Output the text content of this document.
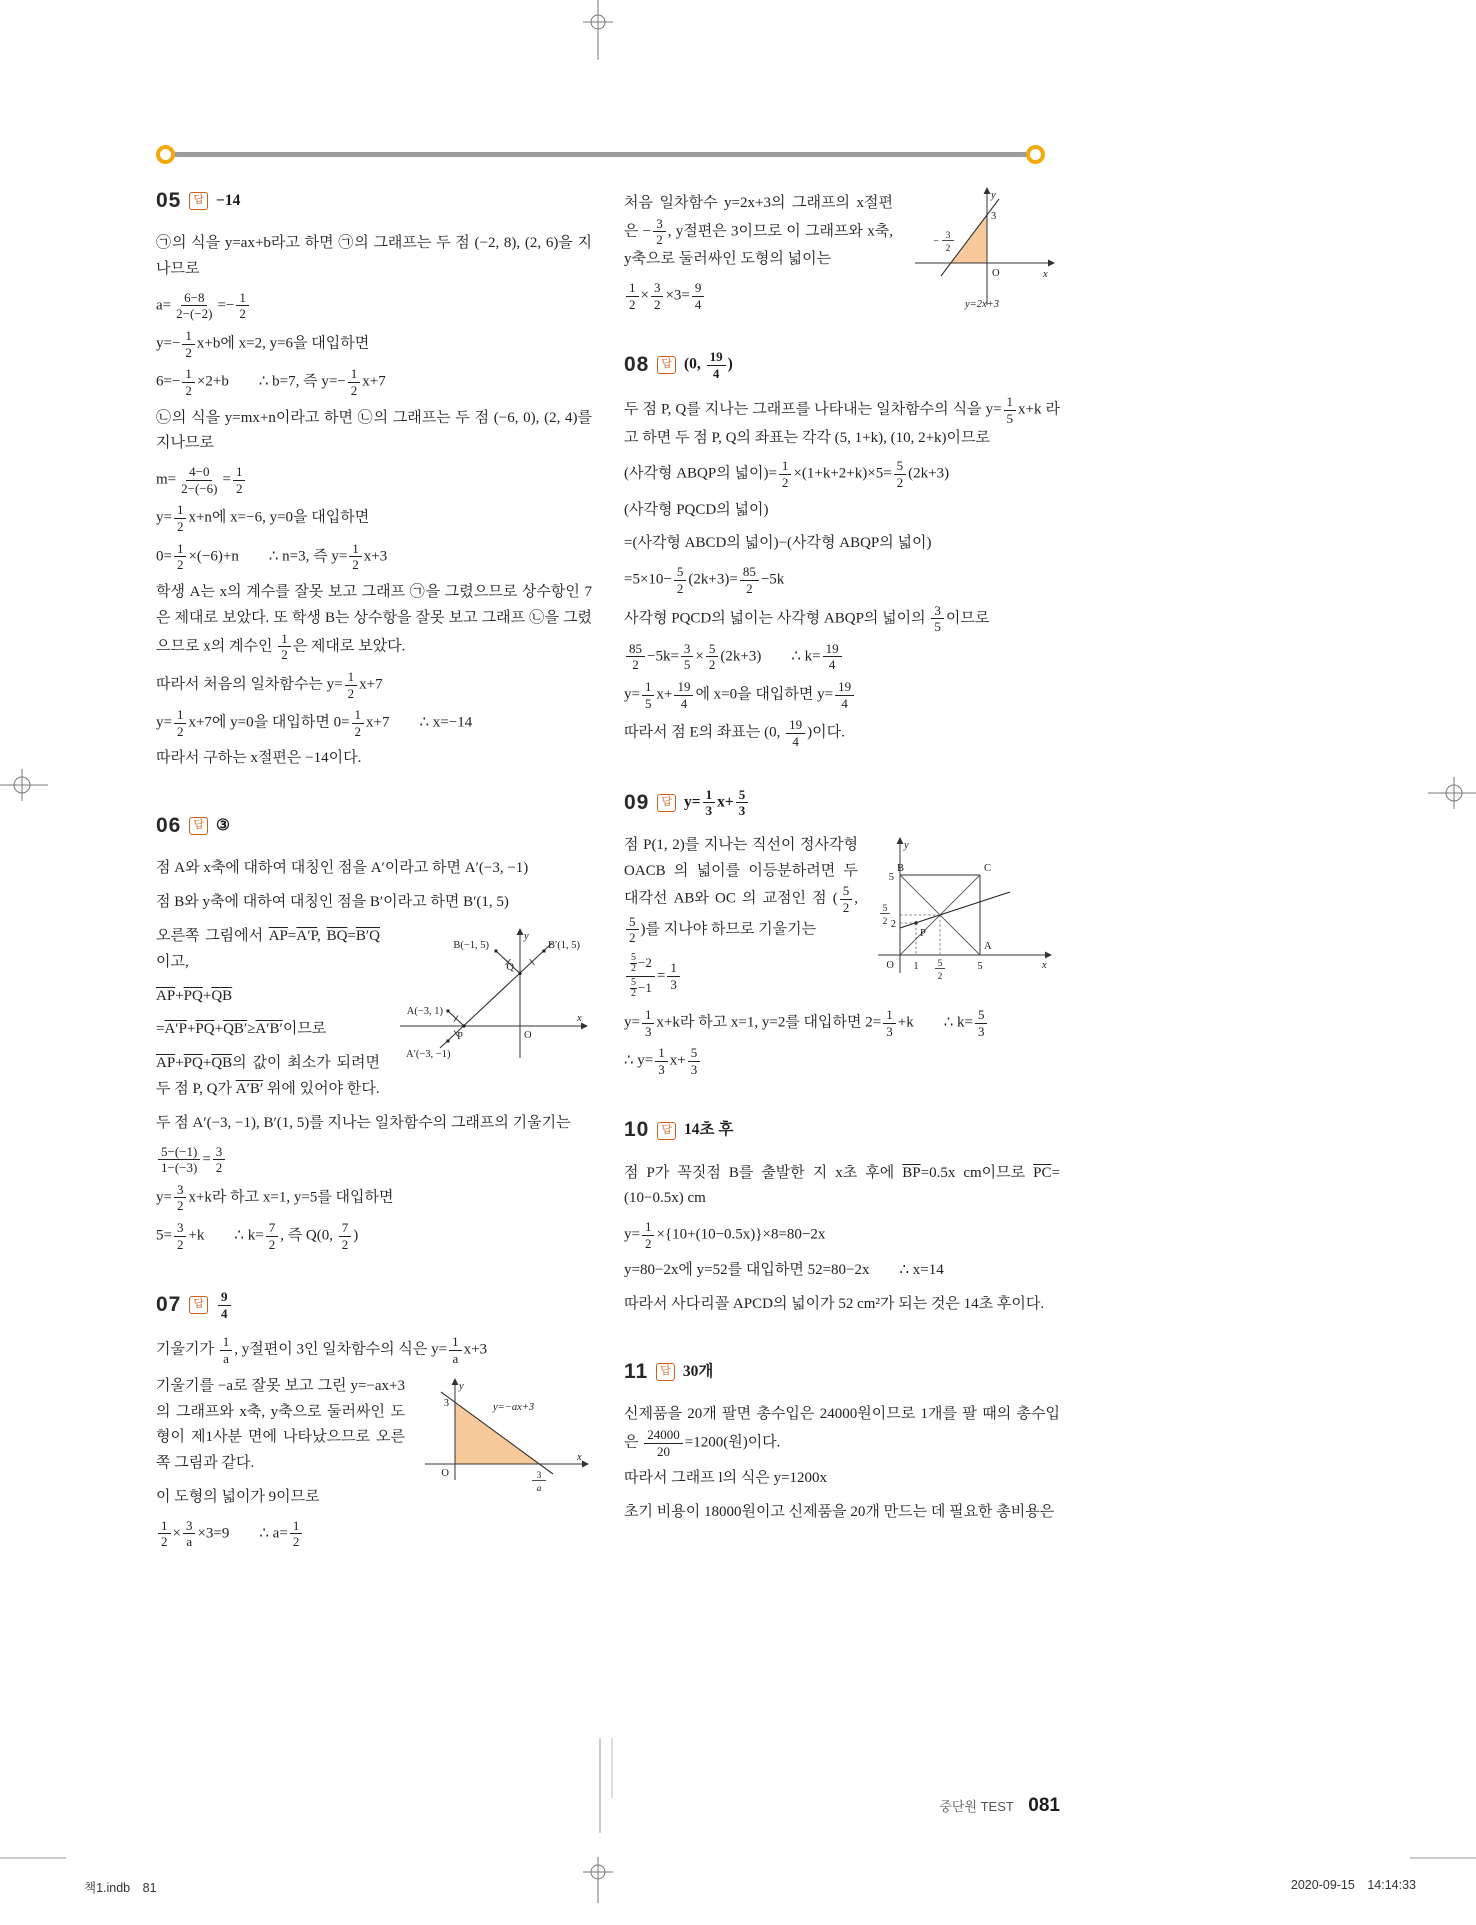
05	답 −14

㉠의 식을 y=ax+b라고 하면 ㉠의 그래프는 두 점 (−2, 8), (2, 6)을 지나므로

$a= \frac{6-8}{2-(-2)} =- \frac{1}{2}$

$y=- \frac{1}{2} x+b$에 x=2, y=6을 대입하면

$6=- \frac{1}{2} \times 2+b$  ∴ b=7, 즉 $y=- \frac{1}{2} x+7$

㉡의 식을 y=mx+n이라고 하면 ㉡의 그래프는 두 점 (−6, 0), (2, 4)를 지나므로

$m= \frac{4-0}{2-(-6)} = \frac{1}{2}$

$y= \frac{1}{2} x+n$에 x=−6, y=0을 대입하면

$0= \frac{1}{2} \times(-6)+n$  ∴ n=3, 즉 $y= \frac{1}{2} x+3$

학생 A는 x의 계수를 잘못 보고 그래프 ㉠을 그렸으므로 상수항인 7은 제대로 보았다. 또 학생 B는 상수항을 잘못 보고 그래프 ㉡을 그렸으므로 x의 계수인 $\frac{1}{2}$ 은 제대로 보았다.

따라서 처음의 일차함수는 $y= \frac{1}{2} x+7$

$y= \frac{1}{2} x+7$에 y=0을 대입하면 $0= \frac{1}{2} x+7$  ∴ x=−14

따라서 구하는 x절편은 −14이다.

06	답 ③

점 A와 x축에 대하여 대칭인 점을 A′이라고 하면 A′(−3, −1)

점 B와 y축에 대하여 대칭인 점을 B′이라고 하면 B′(1, 5)

y
x
O
B(−1, 5)	B′(1, 5)
Q
A(−3, 1)
P
A′(−3, −1)

오른쪽 그림에서 $\overline{AP}=A'P$, $\overline{BQ}=B'Q$ 이고,

$\overline{AP}+\overline{PQ}+\overline{QB}$

$=A'P+\overline{PQ}+QB'\ge A'B'$이므로

$\overline{AP}+\overline{PQ}+\overline{QB}$의 값이 최소가 되려면 두 점 P, Q가 A′B′ 위에 있어야 한다.

두 점 A′(−3, −1), B′(1, 5)를 지나는 일차함수의 그래프의 기울기는

$\frac{5-(-1)}{1-(-3)} = \frac{3}{2}$

$y= \frac{3}{2} x+k$라 하고 x=1, y=5를 대입하면

$5= \frac{3}{2} +k$  ∴ $k= \frac{7}{2}$ , 즉 Q(0, $\frac{7}{2}$ )

07	답	$\frac{9}{4}$

기울기가 $\frac{1}{a}$ , y절편이 3인 일차함수의 식은 $y= \frac{1}{a} x+3$

y
x
3	y=−ax+3
O	3
a

기울기를 −a로 잘못 보고 그린 y=−ax+3의 그래프와 x축, y축으로 둘러싸인 도형이 제1사분 면에 나타났으므로 오른쪽 그림과 같다.

이 도형의 넓이가 9이므로

$\frac{1}{2} \times \frac{3}{a} \times 3=9$  ∴ $a= \frac{1}{2}$

y
3
− 3
2
O	x
y=2x+3

처음 일차함수 y=2x+3의 그래프의 x절편은 − $\frac{3}{2}$ , y절편은 3이므로 이 그래프와 x축, y축으로 둘러싸인 도형의 넓이는

$\frac{1}{2} \times \frac{3}{2} \times 3= \frac{9}{4}$

08	답 (0, $\frac{19}{4}$ )

두 점 P, Q를 지나는 그래프를 나타내는 일차함수의 식을 $y= \frac{1}{5} x+k$ 라고 하면 두 점 P, Q의 좌표는 각각 (5, 1+k), (10, 2+k)이므로

(사각형 ABQP의 넓이)= $\frac{1}{2} \times(1+k+2+k)\times 5= \frac{5}{2} (2k+3)$

(사각형 PQCD의 넓이)

=(사각형 ABCD의 넓이)−(사각형 ABQP의 넓이)

$=5\times 10- \frac{5}{2} (2k+3)= \frac{85}{2} -5k$

사각형 PQCD의 넓이는 사각형 ABQP의 넓이의 $\frac{3}{5}$ 이므로

$\frac{85}{2} -5k= \frac{3}{5} \times \frac{5}{2} (2k+3)$  ∴ $k= \frac{19}{4}$

$y= \frac{1}{5} x+ \frac{19}{4}$ 에 x=0을 대입하면 $y= \frac{19}{4}$

따라서 점 E의 좌표는 (0, $\frac{19}{4}$ )이다.

09	답 $y= \frac{1}{3} x+ \frac{5}{3}$
y
x
5
B	C
A
5
2 2
P
O 1 5
2
5

점 P(1, 2)를 지나는 직선이 정사각형 OACB 의 넓이를 이등분하려면 두 대각선 AB와 OC 의 교점인 점 ( $\frac{5}{2}$ ,
$\frac{5}{2}$ )를 지나야 하므로 기울기는

$\frac{\frac{5}{2} -2}{\frac{5}{2} -1} = \frac{1}{3}$

$y= \frac{1}{3} x+k$라 하고 x=1, y=2를 대입하면 $2= \frac{1}{3} +k$  ∴ $k= \frac{5}{3}$

∴ $y= \frac{1}{3} x+ \frac{5}{3}$

10	답 14초 후

점 P가 꼭짓점 B를 출발한 지 x초 후에 $\overline{BP}=0.5x$ cm이므로 $\overline{PC}=(10-0.5x)$ cm

$y= \frac{1}{2} \times\{10+(10-0.5x)\}\times 8=80-2x$

y=80−2x에 y=52를 대입하면 52=80−2x  ∴ x=14

따라서 사다리꼴 APCD의 넓이가 52 cm²가 되는 것은 14초 후이다.

11	답 30개

신제품을 20개 팔면 총수입은 24000원이므로 1개를 팔 때의 총수입은 $\frac{24000}{20} =1200$(원)이다.

따라서 그래프 l의 식은 y=1200x

초기 비용이 18000원이고 신제품을 20개 만드는 데 필요한 총비용은

중단원 TEST 081
책1.indb 81	2020-09-15 14:14:33
